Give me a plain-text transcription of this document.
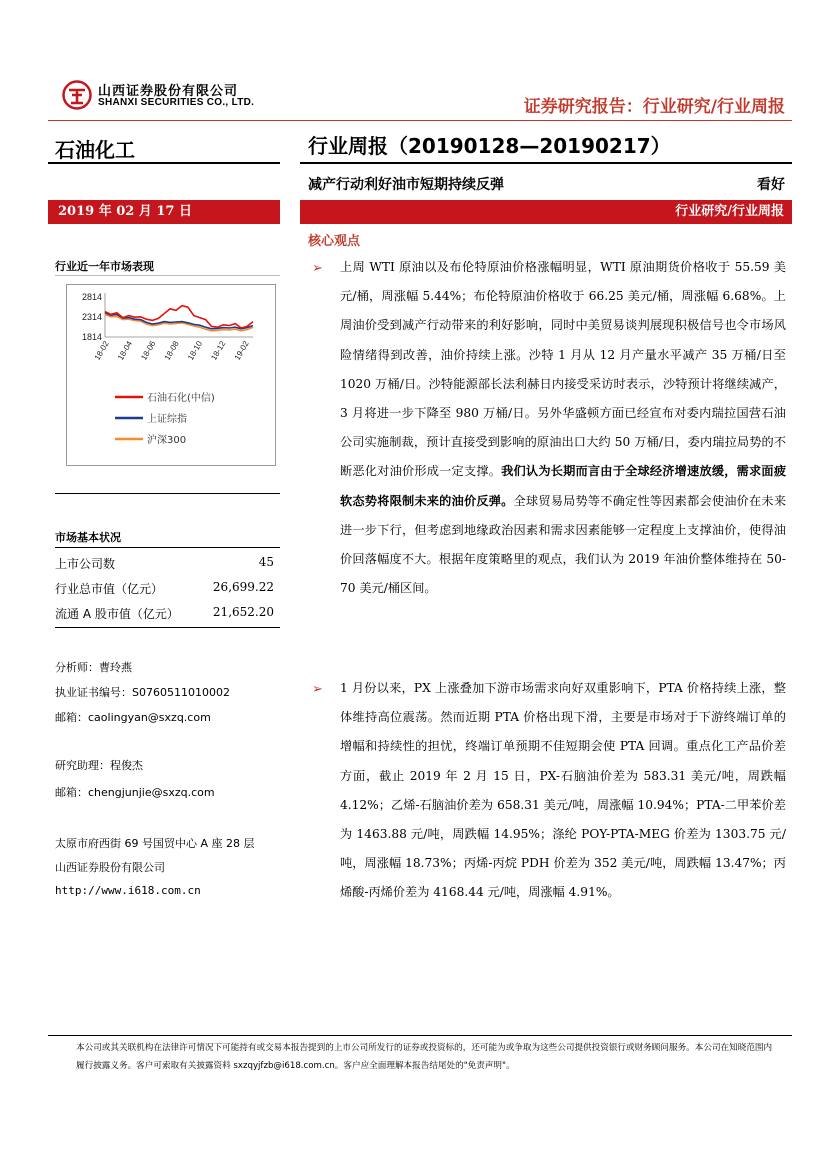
山西证券股份有限公司
SHANXI SECURITIES CO., LTD.	证券研究报告：行业研究/行业周报
石油化工	行业周报（20190128—20190217）
减产行动利好油市短期持续反弹	看好
2019 年 02 月 17 日	行业研究/行业周报
核心观点
行业近一年市场表现
2814
2314
1814
18-02 18-04 18-06 18-08 18-10 18-12 19-02
石油石化(中信)
上证综指
沪深300
市场基本状况
上市公司数	45
行业总市值（亿元）	26,699.22
流通 A 股市值（亿元）	21,652.20
分析师：曹玲燕
执业证书编号：S0760511010002
邮箱：caolingyan@sxzq.com
研究助理：程俊杰
邮箱：chengjunjie@sxzq.com
太原市府西街 69 号国贸中心 A 座 28 层
山西证券股份有限公司
http://www.i618.com.cn
➢ 上周 WTI 原油以及布伦特原油价格涨幅明显，WTI 原油期货价格收于 55.59 美元/桶，周涨幅 5.44%；布伦特原油价格收于 66.25 美元/桶，周涨幅 6.68%。上周油价受到减产行动带来的利好影响，同时中美贸易谈判展现积极信号也令市场风险情绪得到改善，油价持续上涨。沙特 1 月从 12 月产量水平减产 35 万桶/日至 1020 万桶/日。沙特能源部长法利赫日内接受采访时表示，沙特预计将继续减产，3 月将进一步下降至 980 万桶/日。另外华盛顿方面已经宣布对委内瑞拉国营石油公司实施制裁，预计直接受到影响的原油出口大约 50 万桶/日，委内瑞拉局势的不断恶化对油价形成一定支撑。我们认为长期而言由于全球经济增速放缓，需求面疲软态势将限制未来的油价反弹。全球贸易局势等不确定性等因素都会使油价在未来进一步下行，但考虑到地缘政治因素和需求因素能够一定程度上支撑油价，使得油价回落幅度不大。根据年度策略里的观点，我们认为 2019 年油价整体维持在 50-70 美元/桶区间。
➢ 1 月份以来，PX 上涨叠加下游市场需求向好双重影响下，PTA 价格持续上涨，整体维持高位震荡。然而近期 PTA 价格出现下滑，主要是市场对于下游终端订单的增幅和持续性的担忧，终端订单预期不佳短期会使 PTA 回调。重点化工产品价差方面，截止 2019 年 2 月 15 日，PX-石脑油价差为 583.31 美元/吨，周跌幅 4.12%；乙烯-石脑油价差为 658.31 美元/吨，周涨幅 10.94%；PTA-二甲苯价差为 1463.88 元/吨，周跌幅 14.95%；涤纶 POY-PTA-MEG 价差为 1303.75 元/吨，周涨幅 18.73%；丙烯-丙烷 PDH 价差为 352 美元/吨，周跌幅 13.47%；丙烯酸-丙烯价差为 4168.44 元/吨，周涨幅 4.91%。
本公司或其关联机构在法律许可情况下可能持有或交易本报告提到的上市公司所发行的证券或投资标的，还可能为或争取为这些公司提供投资银行或财务顾问服务。本公司在知晓范围内履行披露义务。客户可索取有关披露资料 sxzqyjfzb@i618.com.cn。客户应全面理解本报告结尾处的"免责声明"。
